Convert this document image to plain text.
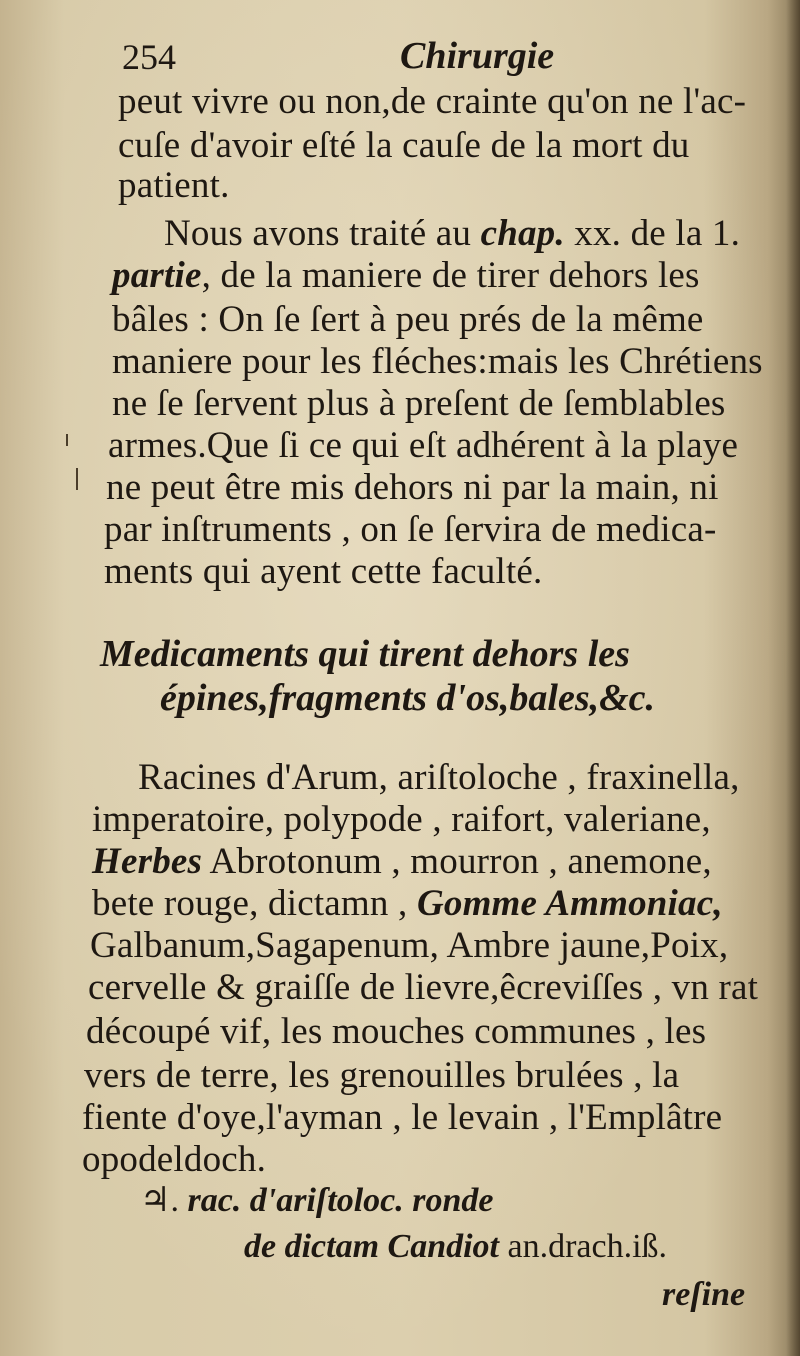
254	Chirurgie
peut vivre ou non,de crainte qu'on ne l'ac-
cuſe d'avoir eſté la cauſe de la mort du
patient.
Nous avons traité au chap. xx. de la 1.
partie, de la maniere de tirer dehors les
bâles : On ſe ſert à peu prés de la même
maniere pour les fléches:mais les Chrétiens
ne ſe ſervent plus à preſent de ſemblables
armes.Que ſi ce qui eſt adhérent à la playe
ne peut être mis dehors ni par la main, ni
par inſtruments , on ſe ſervira de medica-
ments qui ayent cette faculté.
Medicaments qui tirent dehors les
épines,fragments d'os,bales,&c.
Racines d'Arum, ariſtoloche , fraxinella,
imperatoire, polypode , raifort, valeriane,
Herbes Abrotonum , mourron , anemone,
bete rouge, dictamn , Gomme Ammoniac,
Galbanum,Sagapenum, Ambre jaune,Poix,
cervelle & graiſſe de lievre,êcreviſſes , vn rat
découpé vif, les mouches communes , les
vers de terre, les grenouilles brulées , la
fiente d'oye,l'ayman , le levain , l'Emplâtre
opodeldoch.
♃. rac. d'ariſtoloc. ronde
de dictam Candiot an.drach.iß.
reſine
